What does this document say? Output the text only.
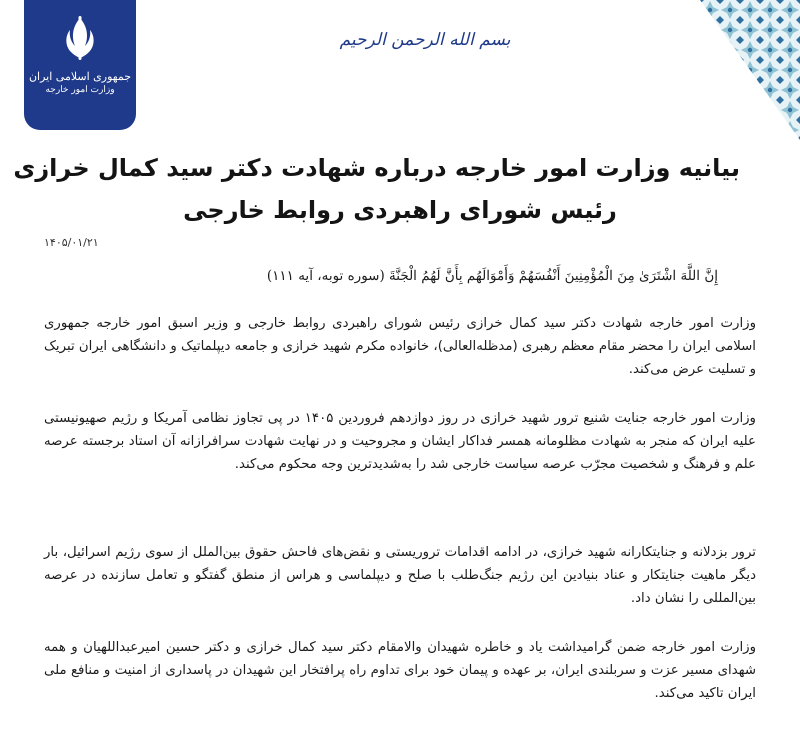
جمهوری اسلامی ایران
وزارت امور خارجه
بسم الله الرحمن الرحیم
بیانیه وزارت امور خارجه درباره شهادت دکتر سید کمال خرازی
رئیس شورای راهبردی روابط خارجی
۱۴۰۵/۰۱/۲۱
إِنَّ اللَّهَ اشْتَرَىٰ مِنَ الْمُؤْمِنِينَ أَنْفُسَهُمْ وَأَمْوَالَهُم بِأَنَّ لَهُمُ الْجَنَّةَ (سوره توبه، آیه ۱۱۱)

وزارت امور خارجه شهادت دکتر سید کمال خرازی رئیس شورای راهبردی روابط خارجی و وزیر اسبق امور خارجه جمهوری اسلامی ایران را محضر مقام معظم رهبری (مدظله‌العالی)، خانواده مکرم شهید خرازی و جامعه دیپلماتیک و دانشگاهی ایران تبریک و تسلیت عرض می‌کند.

وزارت امور خارجه جنایت شنیع ترور شهید خرازی در روز دوازدهم فروردین ۱۴۰۵ در پی تجاوز نظامی آمریکا و رژیم صهیونیستی علیه ایران که منجر به شهادت مظلومانه همسر فداکار ایشان و مجروحیت و در نهایت شهادت سرافرازانه آن استاد برجسته عرصه علم و فرهنگ و شخصیت مجرّب عرصه سیاست خارجی شد را به‌شدیدترین وجه محکوم می‌کند.

ترور بزدلانه و جنایتکارانه شهید خرازی، در ادامه اقدامات تروریستی و نقض‌های فاحش حقوق بین‌الملل از سوی رژیم اسرائیل، بار دیگر ماهیت جنایتکار و عناد بنیادین این رژیم جنگ‌طلب با صلح و دیپلماسی و هراس از منطق گفتگو و تعامل سازنده در عرصه بین‌المللی را نشان داد.

وزارت امور خارجه ضمن گرامیداشت یاد و خاطره شهیدان والامقام دکتر سید کمال خرازی و دکتر حسین امیرعبداللهیان و همه شهدای مسیر عزت و سربلندی ایران، بر عهده و پیمان خود برای تداوم راه پرافتخار این شهیدان در پاسداری از امنیت و منافع ملی ایران تاکید می‌کند.
